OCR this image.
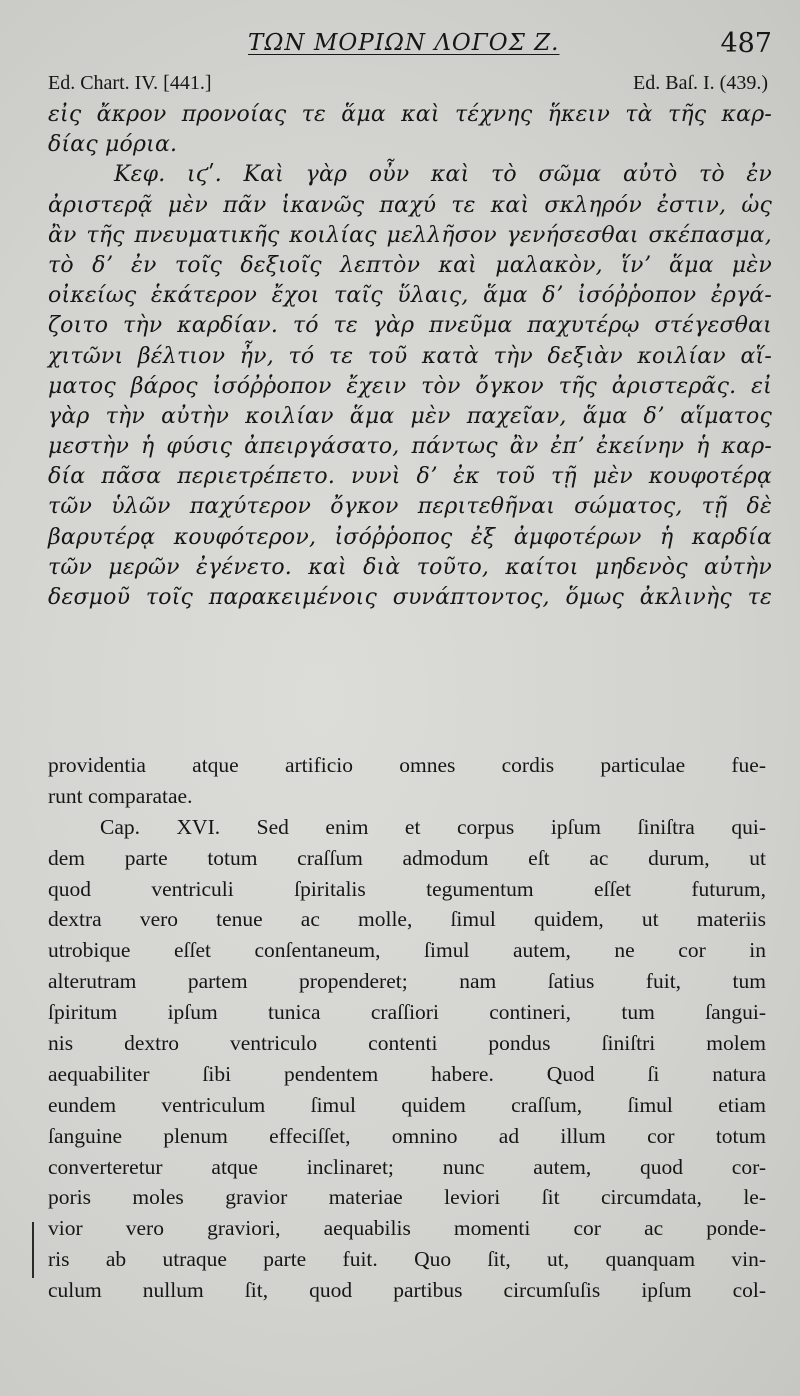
ΤΩΝ ΜΟΡΙΩΝ ΛΟΓΟΣ Ζ.	487
Ed. Chart. IV. [441.]	Ed. Baſ. I. (439.)
εἰς ἄκρον προνοίας τε ἅμα καὶ τέχνης ἥκειν τὰ τῆς καρ-
δίας μόρια.
Κεφ. ιϛʹ. Καὶ γὰρ οὖν καὶ τὸ σῶμα αὐτὸ τὸ ἐν
ἀριστερᾷ μὲν πᾶν ἱκανῶς παχύ τε καὶ σκληρόν ἐστιν, ὡς
ἂν τῆς πνευματικῆς κοιλίας μελλῆσον γενήσεσθαι σκέπασμα,
τὸ δʼ ἐν τοῖς δεξιοῖς λεπτὸν καὶ μαλακὸν, ἵνʼ ἅμα μὲν
οἰκείως ἑκάτερον ἔχοι ταῖς ὕλαις, ἅμα δʼ ἰσόῤῥοπον ἐργά-
ζοιτο τὴν καρδίαν. τό τε γὰρ πνεῦμα παχυτέρῳ στέγεσθαι
χιτῶνι βέλτιον ἦν, τό τε τοῦ κατὰ τὴν δεξιὰν κοιλίαν αἵ-
ματος βάρος ἰσόῤῥοπον ἔχειν τὸν ὄγκον τῆς ἀριστερᾶς. εἰ
γὰρ τὴν αὐτὴν κοιλίαν ἅμα μὲν παχεῖαν, ἅμα δʼ αἵματος
μεστὴν ἡ φύσις ἀπειργάσατο, πάντως ἂν ἐπʼ ἐκείνην ἡ καρ-
δία πᾶσα περιετρέπετο. νυνὶ δʼ ἐκ τοῦ τῇ μὲν κουφοτέρᾳ
τῶν ὑλῶν παχύτερον ὄγκον περιτεθῆναι σώματος, τῇ δὲ
βαρυτέρᾳ κουφότερον, ἰσόῤῥοπος ἐξ ἀμφοτέρων ἡ καρδία
τῶν μερῶν ἐγένετο. καὶ διὰ τοῦτο, καίτοι μηδενὸς αὐτὴν
δεσμοῦ τοῖς παρακειμένοις συνάπτοντος, ὅμως ἀκλινὴς τε
providentia atque artificio omnes cordis particulae fue-
runt comparatae.
Cap. XVI. Sed enim et corpus ipſum ſiniſtra qui-
dem parte totum craſſum admodum eſt ac durum, ut
quod ventriculi ſpiritalis tegumentum eſſet futurum,
dextra vero tenue ac molle, ſimul quidem, ut materiis
utrobique eſſet conſentaneum, ſimul autem, ne cor in
alterutram partem propenderet; nam ſatius fuit, tum
ſpiritum ipſum tunica craſſiori contineri, tum ſangui-
nis dextro ventriculo contenti pondus ſiniſtri molem
aequabiliter ſibi pendentem habere. Quod ſi natura
eundem ventriculum ſimul quidem craſſum, ſimul etiam
ſanguine plenum effeciſſet, omnino ad illum cor totum
converteretur atque inclinaret; nunc autem, quod cor-
poris moles gravior materiae leviori ſit circumdata, le-
vior vero graviori, aequabilis momenti cor ac ponde-
ris ab utraque parte fuit. Quo ſit, ut, quanquam vin-
culum nullum ſit, quod partibus circumſuſis ipſum col-
